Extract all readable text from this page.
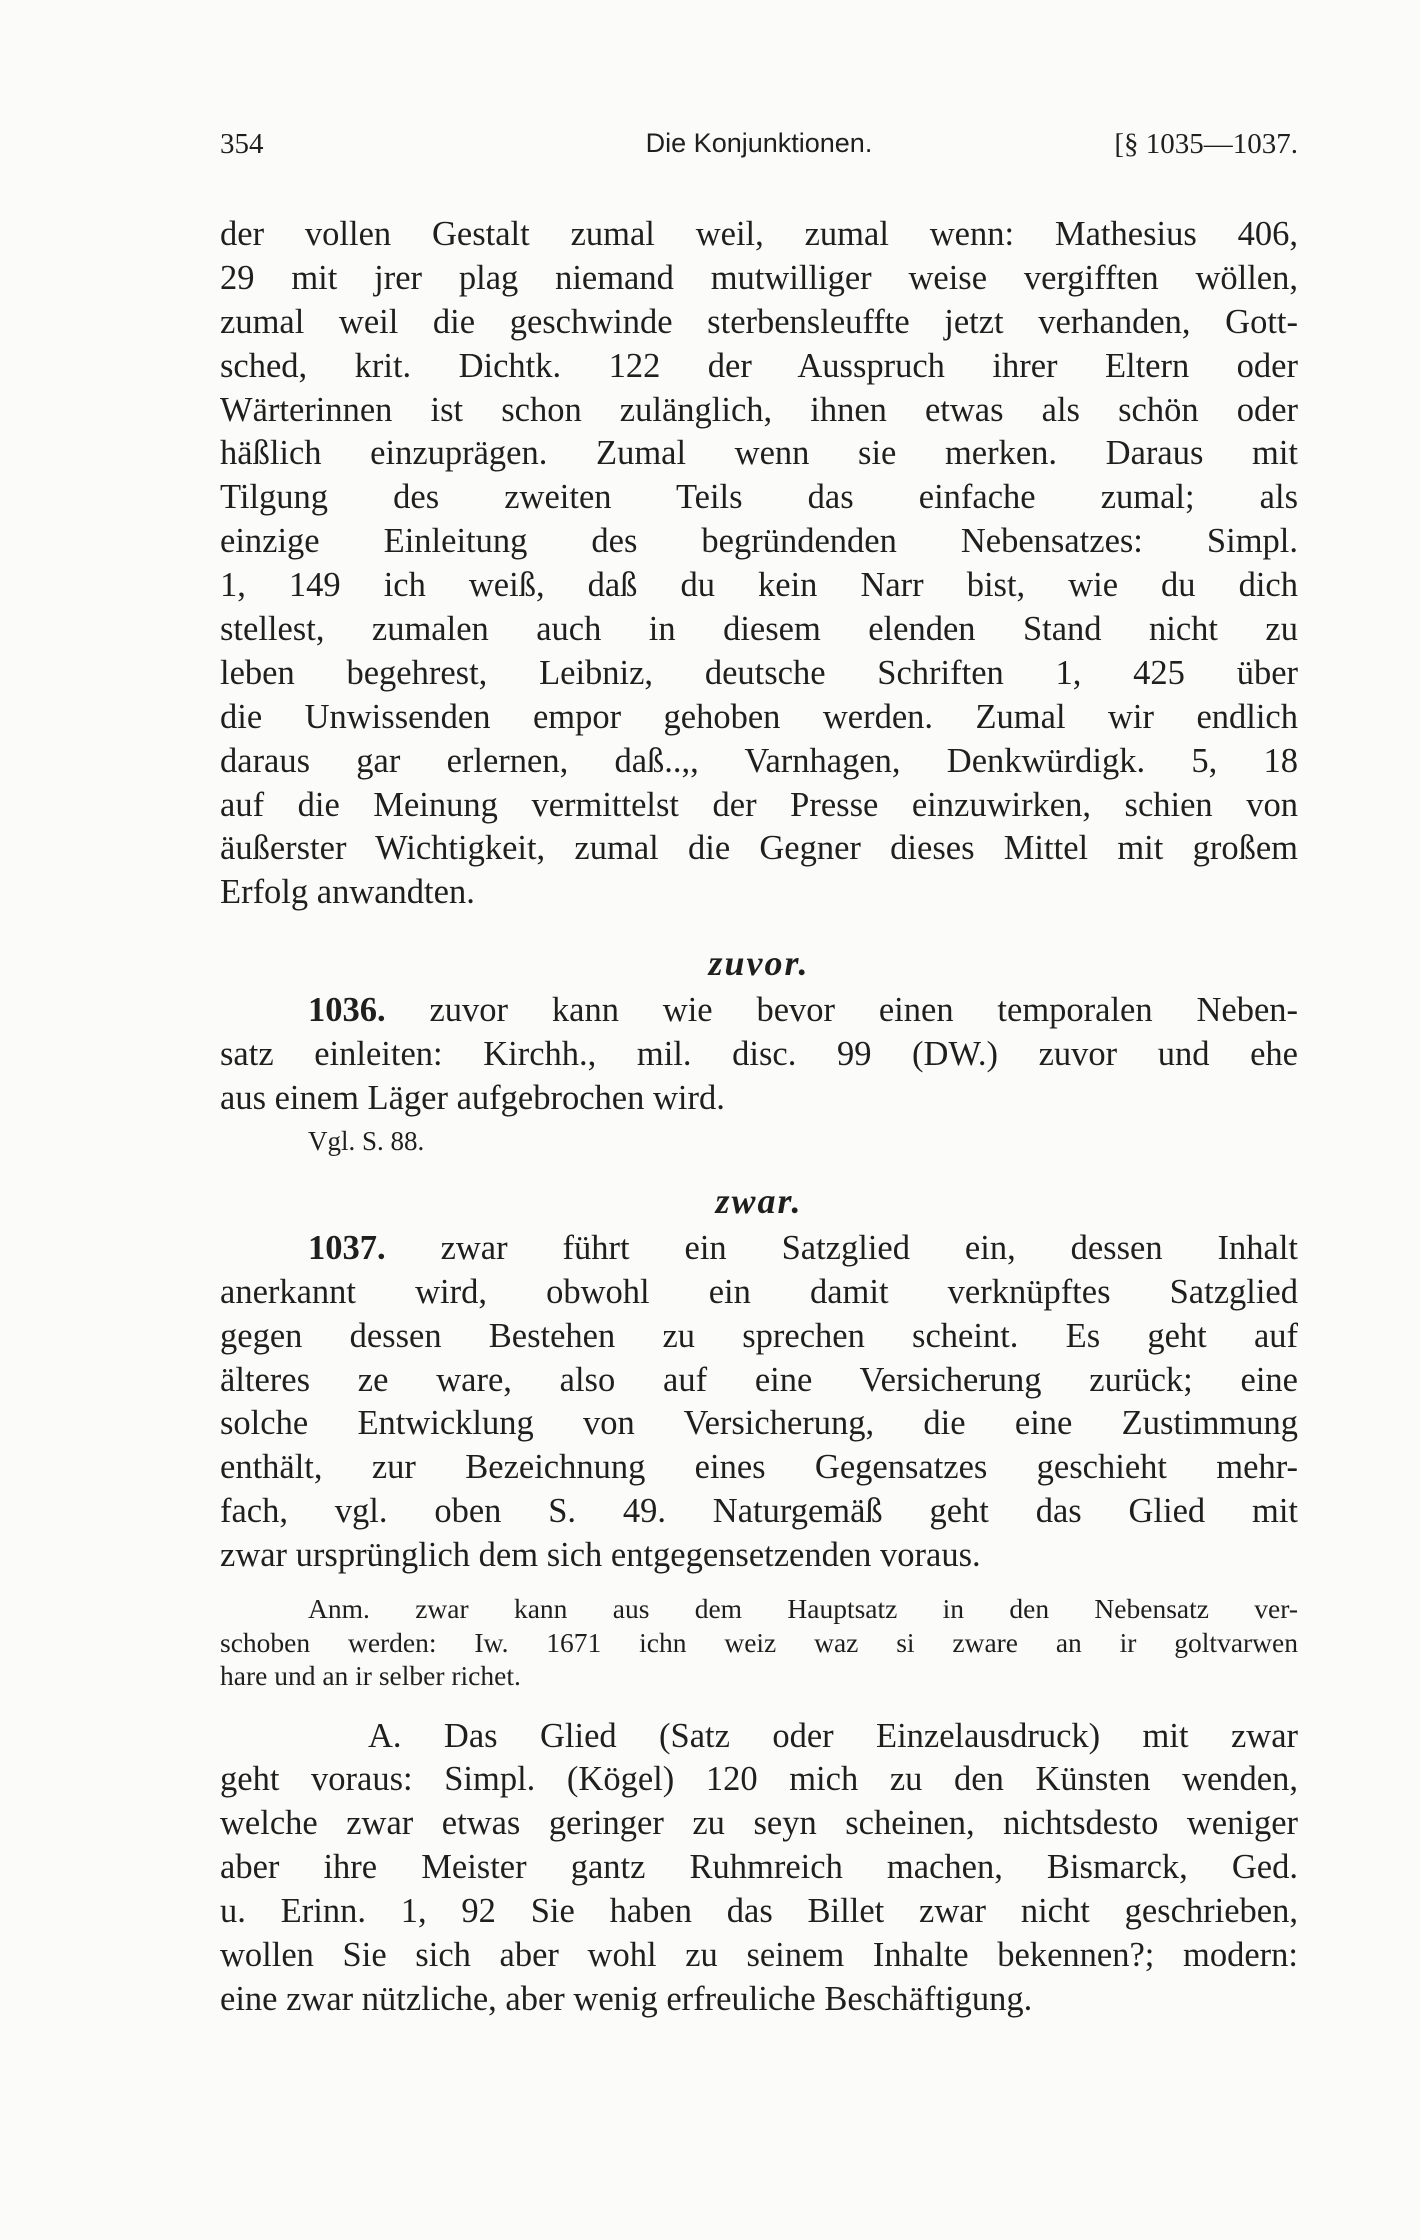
354	Die Konjunktionen.	[§ 1035—1037.
der vollen Gestalt zumal weil, zumal wenn: Mathesius 406,
29 mit jrer plag niemand mutwilliger weise vergifften wöllen,
zumal weil die geschwinde sterbensleuffte jetzt verhanden, Gott-
sched, krit. Dichtk. 122 der Ausspruch ihrer Eltern oder
Wärterinnen ist schon zulänglich, ihnen etwas als schön oder
häßlich einzuprägen. Zumal wenn sie merken. Daraus mit
Tilgung des zweiten Teils das einfache zumal; als
einzige Einleitung des begründenden Nebensatzes: Simpl.
1, 149 ich weiß, daß du kein Narr bist, wie du dich
stellest, zumalen auch in diesem elenden Stand nicht zu
leben begehrest, Leibniz, deutsche Schriften 1, 425 über
die Unwissenden empor gehoben werden. Zumal wir endlich
daraus gar erlernen, daß..,, Varnhagen, Denkwürdigk. 5, 18
auf die Meinung vermittelst der Presse einzuwirken, schien von
äußerster Wichtigkeit, zumal die Gegner dieses Mittel mit großem
Erfolg anwandten.
zuvor.
1036. zuvor kann wie bevor einen temporalen Neben-
satz einleiten: Kirchh., mil. disc. 99 (DW.) zuvor und ehe
aus einem Läger aufgebrochen wird.
Vgl. S. 88.
zwar.
1037. zwar führt ein Satzglied ein, dessen Inhalt
anerkannt wird, obwohl ein damit verknüpftes Satzglied
gegen dessen Bestehen zu sprechen scheint. Es geht auf
älteres ze ware, also auf eine Versicherung zurück; eine
solche Entwicklung von Versicherung, die eine Zustimmung
enthält, zur Bezeichnung eines Gegensatzes geschieht mehr-
fach, vgl. oben S. 49. Naturgemäß geht das Glied mit
zwar ursprünglich dem sich entgegensetzenden voraus.
Anm. zwar kann aus dem Hauptsatz in den Nebensatz ver-
schoben werden: Iw. 1671 ichn weiz waz si zware an ir goltvarwen
hare und an ir selber richet.
A. Das Glied (Satz oder Einzelausdruck) mit zwar
geht voraus: Simpl. (Kögel) 120 mich zu den Künsten wenden,
welche zwar etwas geringer zu seyn scheinen, nichtsdesto weniger
aber ihre Meister gantz Ruhmreich machen, Bismarck, Ged.
u. Erinn. 1, 92 Sie haben das Billet zwar nicht geschrieben,
wollen Sie sich aber wohl zu seinem Inhalte bekennen?; modern:
eine zwar nützliche, aber wenig erfreuliche Beschäftigung.
